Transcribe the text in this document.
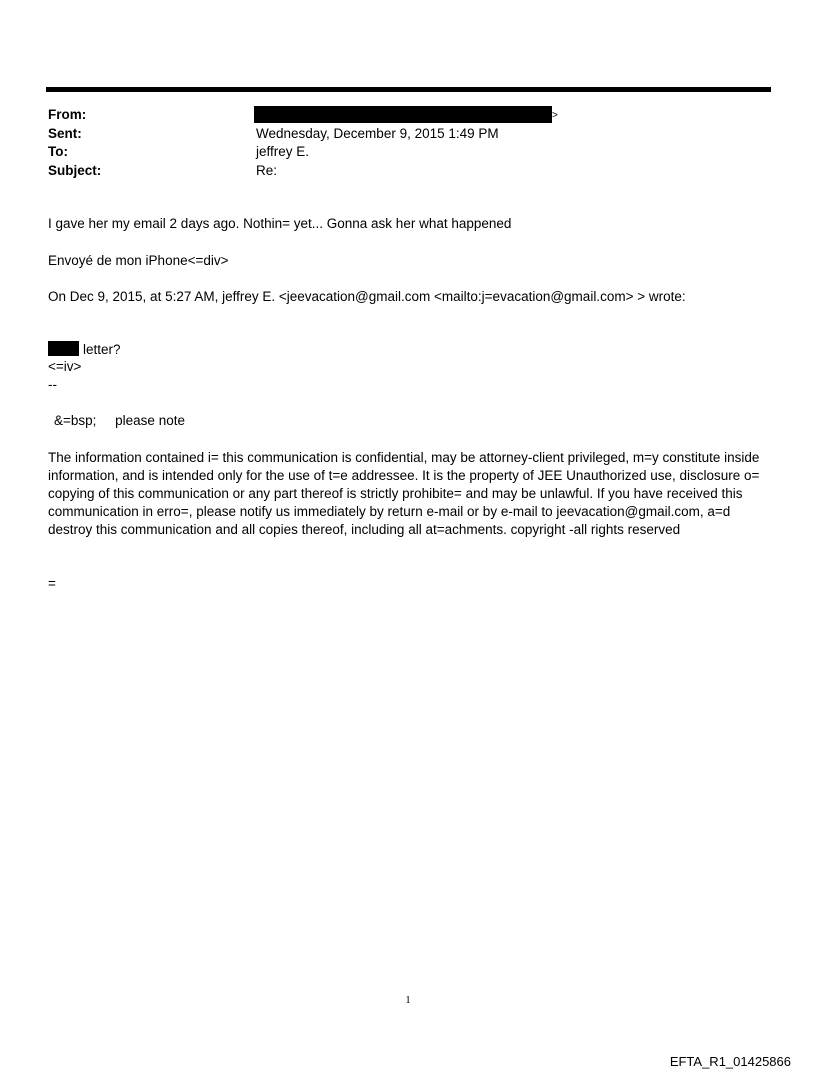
From:	>
Sent:	Wednesday, December 9, 2015 1:49 PM
To:	jeffrey E.
Subject:	Re:
I gave her my email 2 days ago. Nothin= yet... Gonna ask her what happened
Envoyé de mon iPhone<=div>
On Dec 9, 2015, at 5:27 AM, jeffrey E. <jeevacation@gmail.com <mailto:j=evacation@gmail.com> > wrote:
letter?
<=iv>
--
&=bsp;     please note
The information contained i= this communication is confidential, may be attorney-client privileged, m=y constitute inside information, and is intended only for the use of t=e addressee. It is the property of JEE Unauthorized use, disclosure o= copying of this communication or any part thereof is strictly prohibite= and may be unlawful. If you have received this communication in erro=, please notify us immediately by return e-mail or by e-mail to jeevacation@gmail.com, a=d destroy this communication and all copies thereof, including all at=achments. copyright -all rights reserved
=
1
EFTA_R1_01425866
